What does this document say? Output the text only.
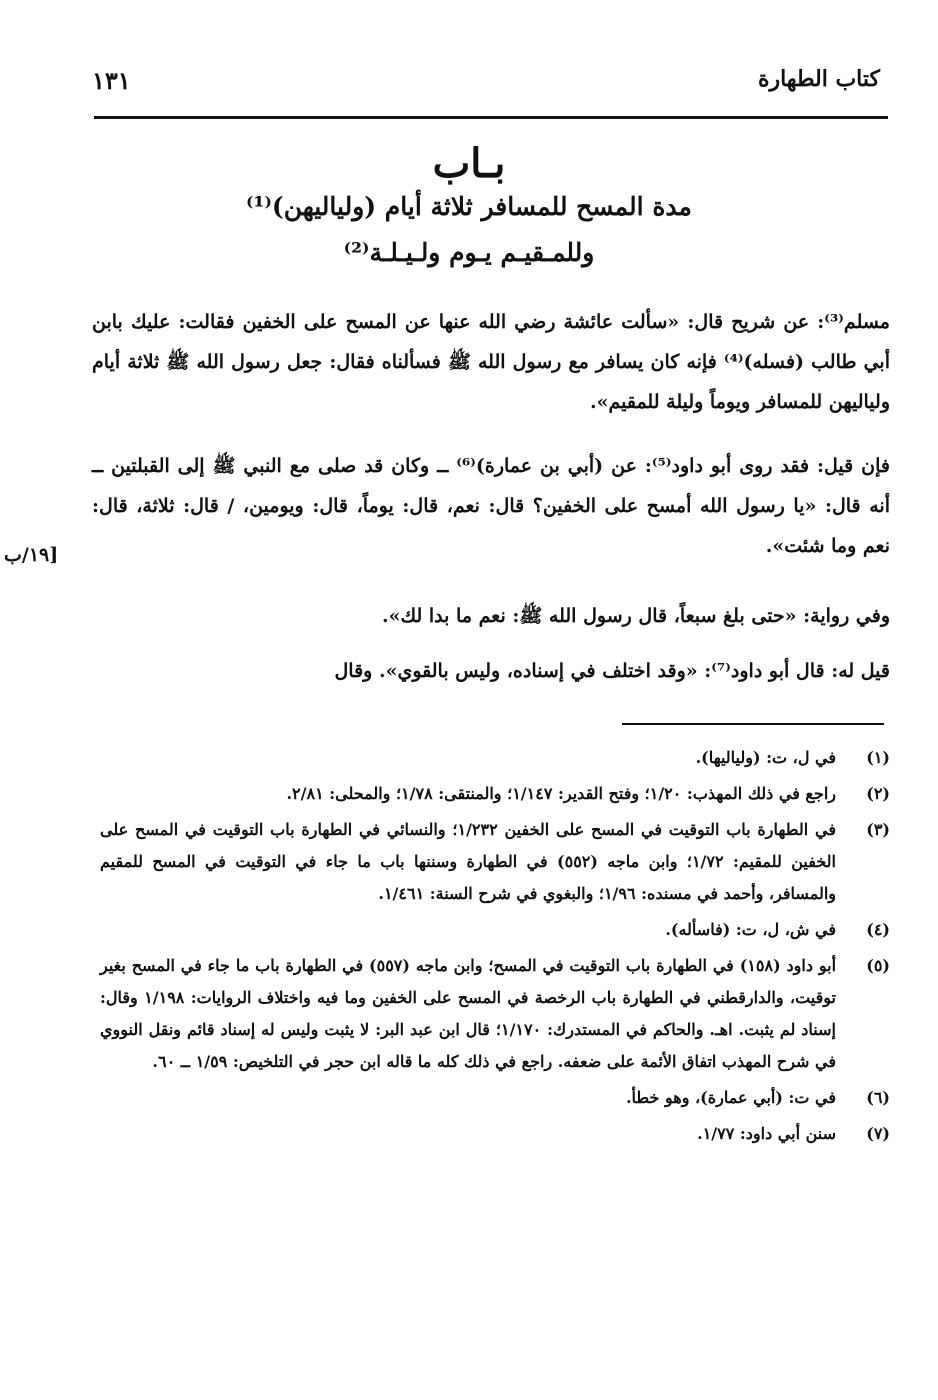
كتاب الطهارة
١٣١
بـاب
مدة المسح للمسافر ثلاثة أيام (ولياليهن)⁽¹⁾
وللمـقيـم يـوم ولـيـلـة⁽²⁾

مسلم⁽³⁾: عن شريح قال: «سألت عائشة رضي الله عنها عن المسح على الخفين فقالت: عليك بابن أبي طالب (فسله)⁽⁴⁾ فإنه كان يسافر مع رسول الله ﷺ فسألناه فقال: جعل رسول الله ﷺ ثلاثة أيام ولياليهن للمسافر ويوماً وليلة للمقيم».

فإن قيل: فقد روى أبو داود⁽⁵⁾: عن (أبي بن عمارة)⁽⁶⁾ ــ وكان قد صلى مع النبي ﷺ إلى القبلتين ــ أنه قال: «يا رسول الله أمسح على الخفين؟ قال: نعم، قال: يوماً، قال: ويومين، / قال: ثلاثة، قال: نعم وما شئت».

وفي رواية: «حتى بلغ سبعاً، قال رسول الله ﷺ: نعم ما بدا لك».

قيل له: قال أبو داود⁽⁷⁾: «وقد اختلف في إسناده، وليس بالقوي». وقال

[١٩/ب
(١)
في ل، ت: (ولياليها).
(٢)
راجع في ذلك المهذب: ١/٢٠؛ وفتح القدير: ١/١٤٧؛ والمنتقى: ١/٧٨؛ والمحلى: ٢/٨١.
(٣)
في الطهارة باب التوقيت في المسح على الخفين ١/٢٣٢؛ والنسائي في الطهارة باب التوقيت في المسح على الخفين للمقيم: ١/٧٢؛ وابن ماجه (٥٥٢) في الطهارة وسننها باب ما جاء في التوقيت في المسح للمقيم والمسافر، وأحمد في مسنده: ١/٩٦؛ والبغوي في شرح السنة: ١/٤٦١.
(٤)
في ش، ل، ت: (فاسأله).
(٥)
أبو داود (١٥٨) في الطهارة باب التوقيت في المسح؛ وابن ماجه (٥٥٧) في الطهارة باب ما جاء في المسح بغير توقيت، والدارقطني في الطهارة باب الرخصة في المسح على الخفين وما فيه واختلاف الروايات: ١/١٩٨ وقال: إسناد لم يثبت. اهـ. والحاكم في المستدرك: ١/١٧٠؛ قال ابن عبد البر: لا يثبت وليس له إسناد قائم ونقل النووي في شرح المهذب اتفاق الأئمة على ضعفه. راجع في ذلك كله ما قاله ابن حجر في التلخيص: ١/٥٩ ــ ٦٠.
(٦)
في ت: (أبي عمارة)، وهو خطأ.
(٧)
سنن أبي داود: ١/٧٧.
